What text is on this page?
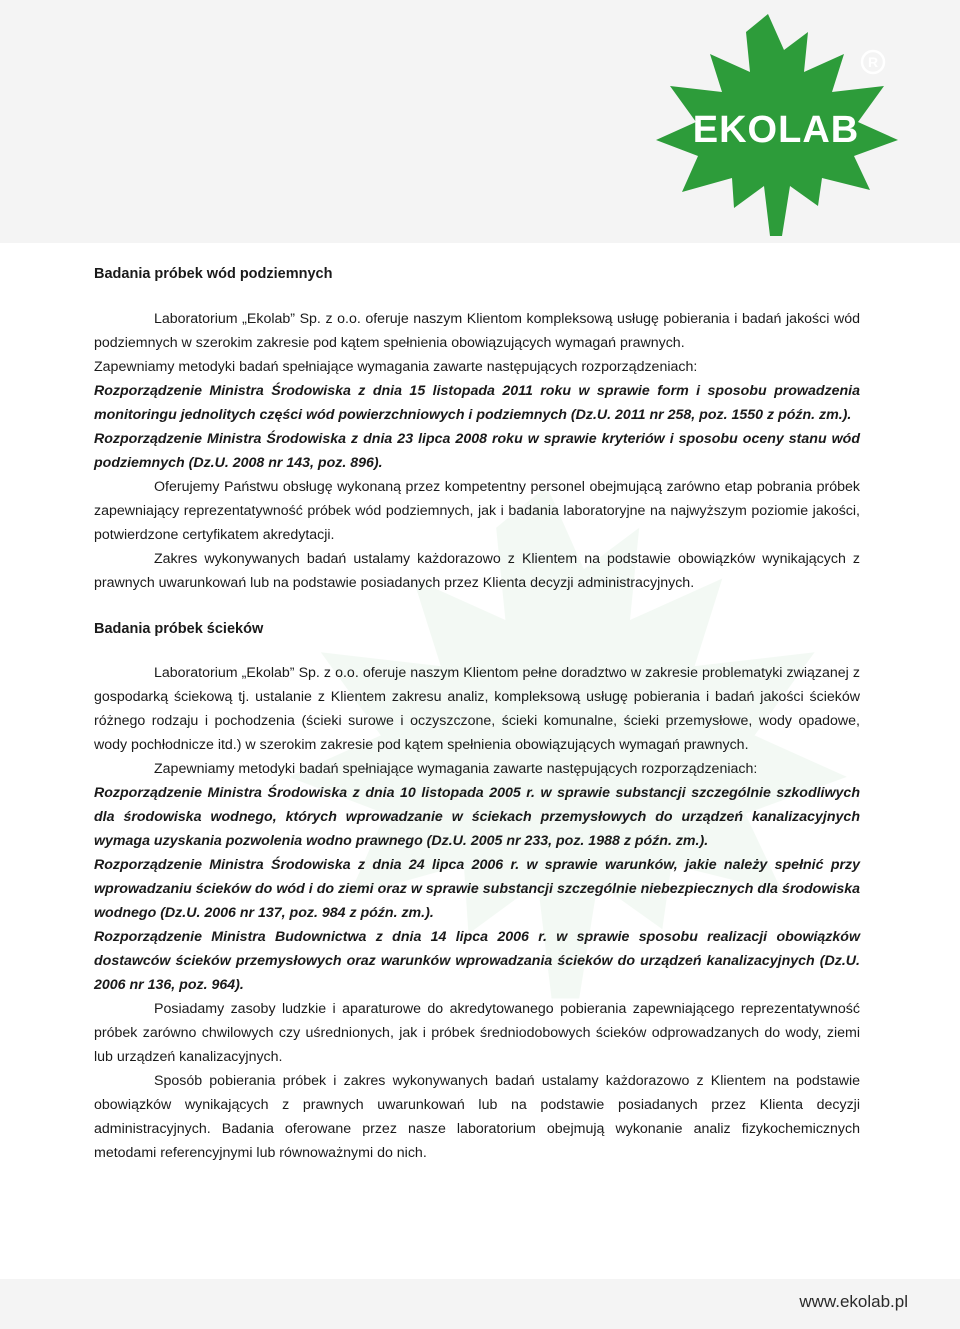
R
EKOLAB
Badania próbek wód podziemnych

Laboratorium „Ekolab” Sp. z o.o. oferuje naszym Klientom kompleksową usługę pobierania i badań jakości wód podziemnych w szerokim zakresie pod kątem spełnienia obowiązujących wymagań prawnych.

Zapewniamy metodyki badań spełniające wymagania zawarte następujących rozporządzeniach:

Rozporządzenie Ministra Środowiska z dnia 15 listopada 2011 roku w sprawie form i sposobu prowadzenia monitoringu jednolitych części wód powierzchniowych i podziemnych (Dz.U. 2011 nr 258, poz. 1550 z późn. zm.).

Rozporządzenie Ministra Środowiska z dnia 23 lipca 2008 roku w sprawie kryteriów i sposobu oceny stanu wód podziemnych (Dz.U. 2008 nr 143, poz. 896).

Oferujemy Państwu obsługę wykonaną przez kompetentny personel obejmującą zarówno etap pobrania próbek zapewniający reprezentatywność próbek wód podziemnych, jak i badania laboratoryjne na najwyższym poziomie jakości, potwierdzone certyfikatem akredytacji.

Zakres wykonywanych badań ustalamy każdorazowo z Klientem na podstawie obowiązków wynikających z prawnych uwarunkowań lub na podstawie posiadanych przez Klienta decyzji administracyjnych.

Badania próbek ścieków

Laboratorium „Ekolab” Sp. z o.o. oferuje naszym Klientom pełne doradztwo w zakresie problematyki związanej z gospodarką ściekową tj. ustalanie z Klientem zakresu analiz, kompleksową usługę pobierania i badań jakości ścieków różnego rodzaju i pochodzenia (ścieki surowe i oczyszczone, ścieki komunalne, ścieki przemysłowe, wody opadowe, wody pochłodnicze itd.) w szerokim zakresie pod kątem spełnienia obowiązujących wymagań prawnych.

Zapewniamy metodyki badań spełniające wymagania zawarte następujących rozporządzeniach:

Rozporządzenie Ministra Środowiska z dnia 10 listopada 2005 r. w sprawie substancji szczególnie szkodliwych dla środowiska wodnego, których wprowadzanie w ściekach przemysłowych do urządzeń kanalizacyjnych wymaga uzyskania pozwolenia wodno prawnego (Dz.U. 2005 nr 233, poz. 1988 z późn. zm.).

Rozporządzenie Ministra Środowiska z dnia 24 lipca 2006 r. w sprawie warunków, jakie należy spełnić przy wprowadzaniu ścieków do wód i do ziemi oraz w sprawie substancji szczególnie niebezpiecznych dla środowiska wodnego (Dz.U. 2006 nr 137, poz. 984 z późn. zm.).

Rozporządzenie Ministra Budownictwa z dnia 14 lipca 2006 r. w sprawie sposobu realizacji obowiązków dostawców ścieków przemysłowych oraz warunków wprowadzania ścieków do urządzeń kanalizacyjnych (Dz.U. 2006 nr 136, poz. 964).

Posiadamy zasoby ludzkie i aparaturowe do akredytowanego pobierania zapewniającego reprezentatywność próbek zarówno chwilowych czy uśrednionych, jak i próbek średniodobowych ścieków odprowadzanych do wody, ziemi lub urządzeń kanalizacyjnych.

Sposób pobierania próbek i zakres wykonywanych badań ustalamy każdorazowo z Klientem na podstawie obowiązków wynikających z prawnych uwarunkowań lub na podstawie posiadanych przez Klienta decyzji administracyjnych. Badania oferowane przez nasze laboratorium obejmują wykonanie analiz fizykochemicznych metodami referencyjnymi lub równoważnymi do nich.

www.ekolab.pl
